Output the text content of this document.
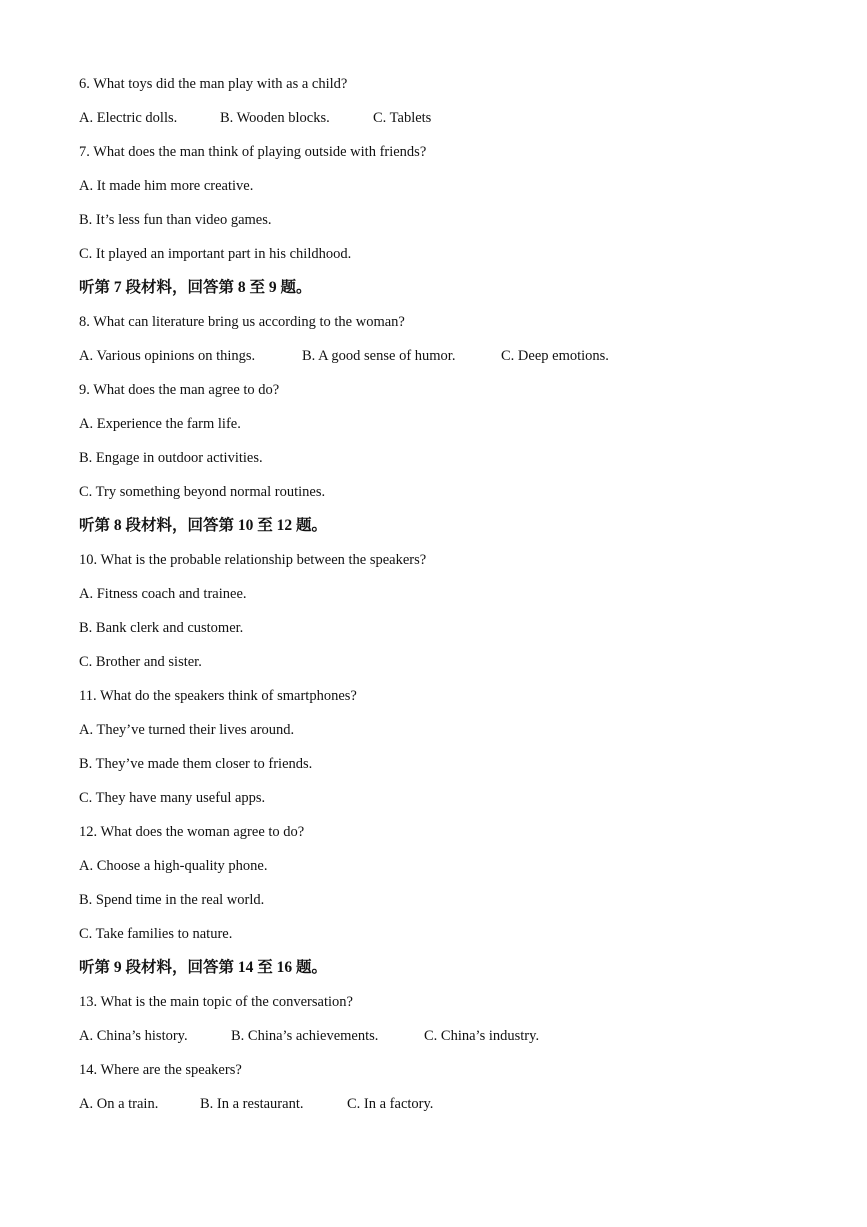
6. What toys did the man play with as a child?
A. Electric dolls.	B. Wooden blocks.	C. Tablets
7. What does the man think of playing outside with friends?
A. It made him more creative.
B. It’s less fun than video games.
C. It played an important part in his childhood.
听第 7 段材料，回答第 8 至 9 题。
8. What can literature bring us according to the woman?
A. Various opinions on things.	B. A good sense of humor.	C. Deep emotions.
9. What does the man agree to do?
A. Experience the farm life.
B. Engage in outdoor activities.
C. Try something beyond normal routines.
听第 8 段材料，回答第 10 至 12 题。
10. What is the probable relationship between the speakers?
A. Fitness coach and trainee.
B. Bank clerk and customer.
C. Brother and sister.
11. What do the speakers think of smartphones?
A. They’ve turned their lives around.
B. They’ve made them closer to friends.
C. They have many useful apps.
12. What does the woman agree to do?
A. Choose a high-quality phone.
B. Spend time in the real world.
C. Take families to nature.
听第 9 段材料，回答第 14 至 16 题。
13. What is the main topic of the conversation?
A. China’s history.	B. China’s achievements.	C. China’s industry.
14. Where are the speakers?
A. On a train.	B. In a restaurant.	C. In a factory.
